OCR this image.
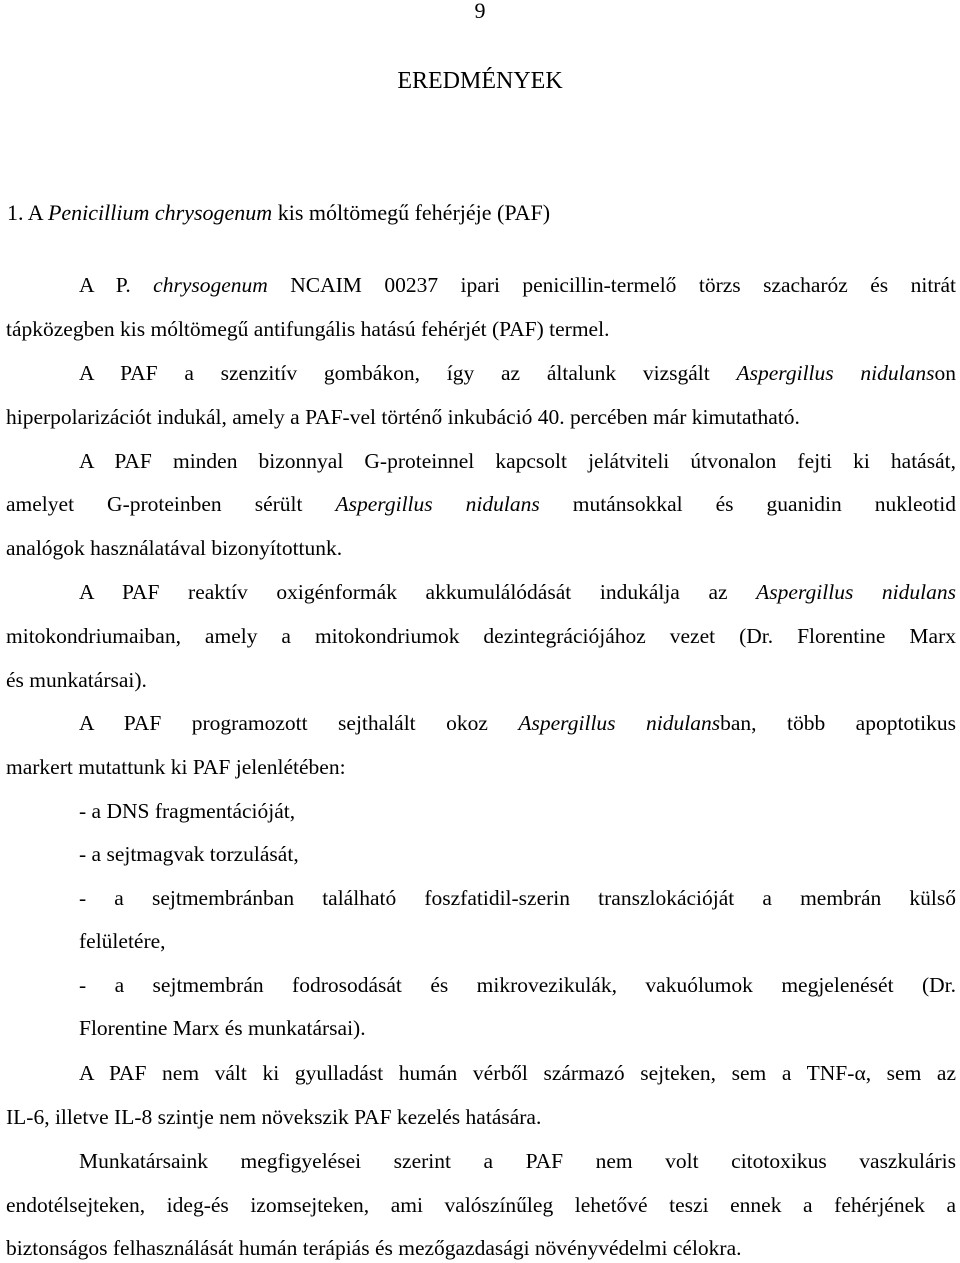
9
EREDMÉNYEK
1. A Penicillium chrysogenum kis móltömegű fehérjéje (PAF)
A P. chrysogenum NCAIM 00237 ipari penicillin-termelő törzs szacharóz és nitrát
tápközegben kis móltömegű antifungális hatású fehérjét (PAF) termel.
A PAF a szenzitív gombákon, így az általunk vizsgált Aspergillus nidulanson
hiperpolarizációt indukál, amely a PAF-vel történő inkubáció 40. percében már kimutatható.
A PAF minden bizonnyal G-proteinnel kapcsolt jelátviteli útvonalon fejti ki hatását,
amelyet G-proteinben sérült Aspergillus nidulans mutánsokkal és guanidin nukleotid
analógok használatával bizonyítottunk.
A PAF reaktív oxigénformák akkumulálódását indukálja az Aspergillus nidulans
mitokondriumaiban, amely a mitokondriumok dezintegrációjához vezet (Dr. Florentine Marx
és munkatársai).
A PAF programozott sejthalált okoz Aspergillus nidulansban, több apoptotikus
markert mutattunk ki PAF jelenlétében:
- a DNS fragmentációját,
- a sejtmagvak torzulását,
- a sejtmembránban található foszfatidil-szerin transzlokációját a membrán külső
felületére,
- a sejtmembrán fodrosodását és mikrovezikulák, vakuólumok megjelenését (Dr.
Florentine Marx és munkatársai).
A PAF nem vált ki gyulladást humán vérből származó sejteken, sem a TNF-α, sem az
IL-6, illetve IL-8 szintje nem növekszik PAF kezelés hatására.
Munkatársaink megfigyelései szerint a PAF nem volt citotoxikus vaszkuláris
endotélsejteken, ideg-és izomsejteken, ami valószínűleg lehetővé teszi ennek a fehérjének a
biztonságos felhasználását humán terápiás és mezőgazdasági növényvédelmi célokra.
